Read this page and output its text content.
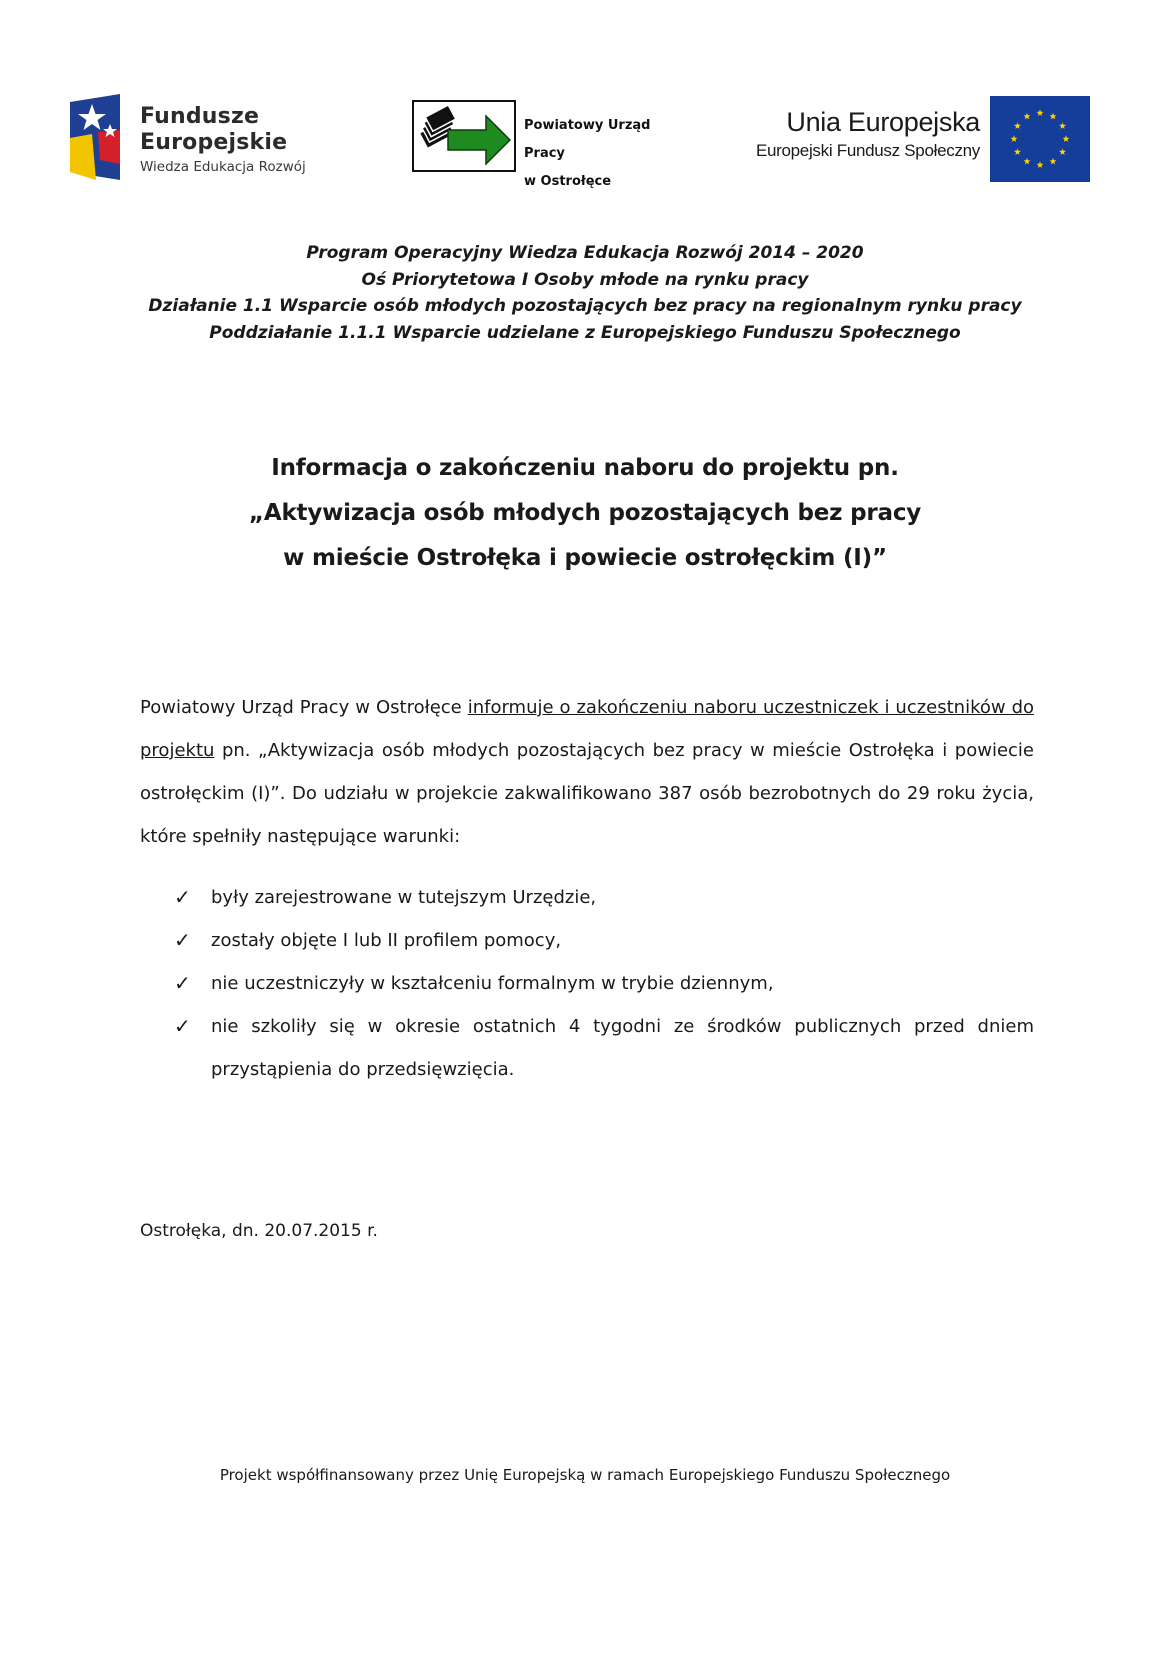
Fundusze
Europejskie
Wiedza Edukacja Rozwój
Powiatowy Urząd Pracy
w Ostrołęce
Unia Europejska
Europejski Fundusz Społeczny
Program Operacyjny Wiedza Edukacja Rozwój 2014 – 2020
Oś Priorytetowa I Osoby młode na rynku pracy
Działanie 1.1 Wsparcie osób młodych pozostających bez pracy na regionalnym rynku pracy
Poddziałanie 1.1.1 Wsparcie udzielane z Europejskiego Funduszu Społecznego
Informacja o zakończeniu naboru do projektu pn.
„Aktywizacja osób młodych pozostających bez pracy
w mieście Ostrołęka i powiecie ostrołęckim (I)”

Powiatowy Urząd Pracy w Ostrołęce informuje o zakończeniu naboru uczestniczek i uczestników do projektu pn. „Aktywizacja osób młodych pozostających bez pracy w mieście Ostrołęka i powiecie ostrołęckim (I)”. Do udziału w projekcie zakwalifikowano 387 osób bezrobotnych do 29 roku życia, które spełniły następujące warunki:

✓ były zarejestrowane w tutejszym Urzędzie,
✓ zostały objęte I lub II profilem pomocy,
✓ nie uczestniczyły w kształceniu formalnym w trybie dziennym,
✓ nie szkoliły się w okresie ostatnich 4 tygodni ze środków publicznych przed dniem przystąpienia do przedsięwzięcia.
Ostrołęka, dn. 20.07.2015 r.
Projekt współfinansowany przez Unię Europejską w ramach Europejskiego Funduszu Społecznego
